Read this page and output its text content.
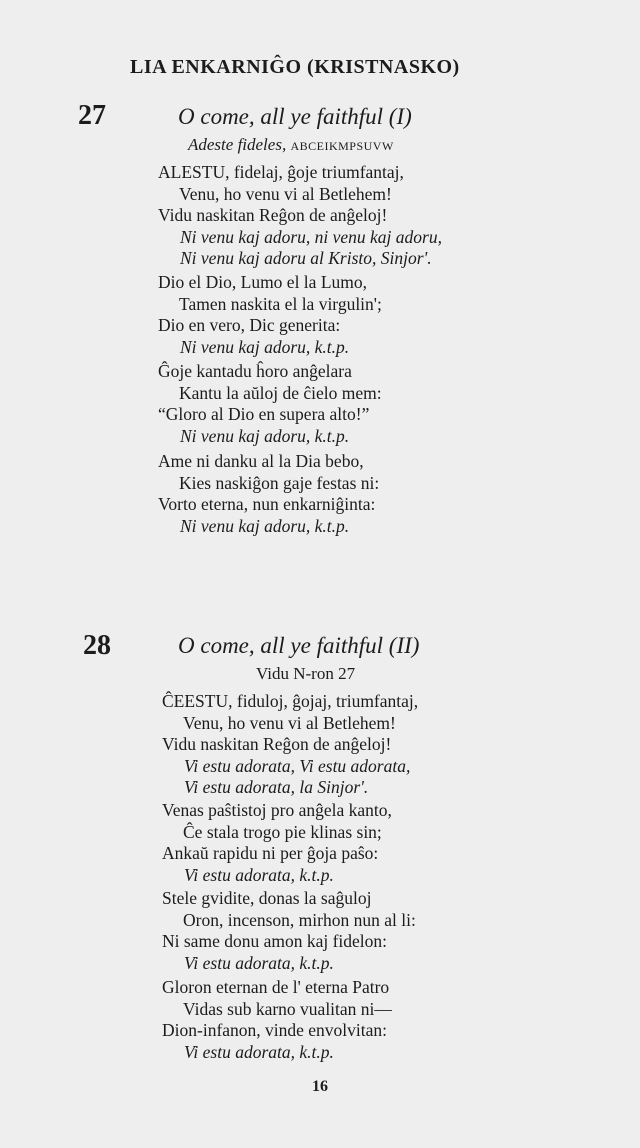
LIA ENKARNIĜO (KRISTNASKO)
27	O come, all ye faithful (I)
Adeste fideles, ABCEIKMPSUVW
ALESTU, fidelaj, ĝoje triumfantaj,
Venu, ho venu vi al Betlehem!
Vidu naskitan Reĝon de anĝeloj!
Ni venu kaj adoru, ni venu kaj adoru,
Ni venu kaj adoru al Kristo, Sinjor'.
Dio el Dio, Lumo el la Lumo,
Tamen naskita el la virgulin';
Dio en vero, Dic generita:
Ni venu kaj adoru, k.t.p.
Ĝoje kantadu ĥoro anĝelara
Kantu la aŭloj de ĉielo mem:
“Gloro al Dio en supera alto!”
Ni venu kaj adoru, k.t.p.
Ame ni danku al la Dia bebo,
Kies naskiĝon gaje festas ni:
Vorto eterna, nun enkarniĝinta:
Ni venu kaj adoru, k.t.p.
28	O come, all ye faithful (II)
Vidu N-ron 27
ĈEESTU, fiduloj, ĝojaj, triumfantaj,
Venu, ho venu vi al Betlehem!
Vidu naskitan Reĝon de anĝeloj!
Vi estu adorata, Vi estu adorata,
Vi estu adorata, la Sinjor'.
Venas paŝtistoj pro anĝela kanto,
Ĉe stala trogo pie klinas sin;
Ankaŭ rapidu ni per ĝoja paŝo:
Vi estu adorata, k.t.p.
Stele gvidite, donas la saĝuloj
Oron, incenson, mirhon nun al li:
Ni same donu amon kaj fidelon:
Vi estu adorata, k.t.p.
Gloron eternan de l' eterna Patro
Vidas sub karno vualitan ni—
Dion-infanon, vinde envolvitan:
Vi estu adorata, k.t.p.
16
